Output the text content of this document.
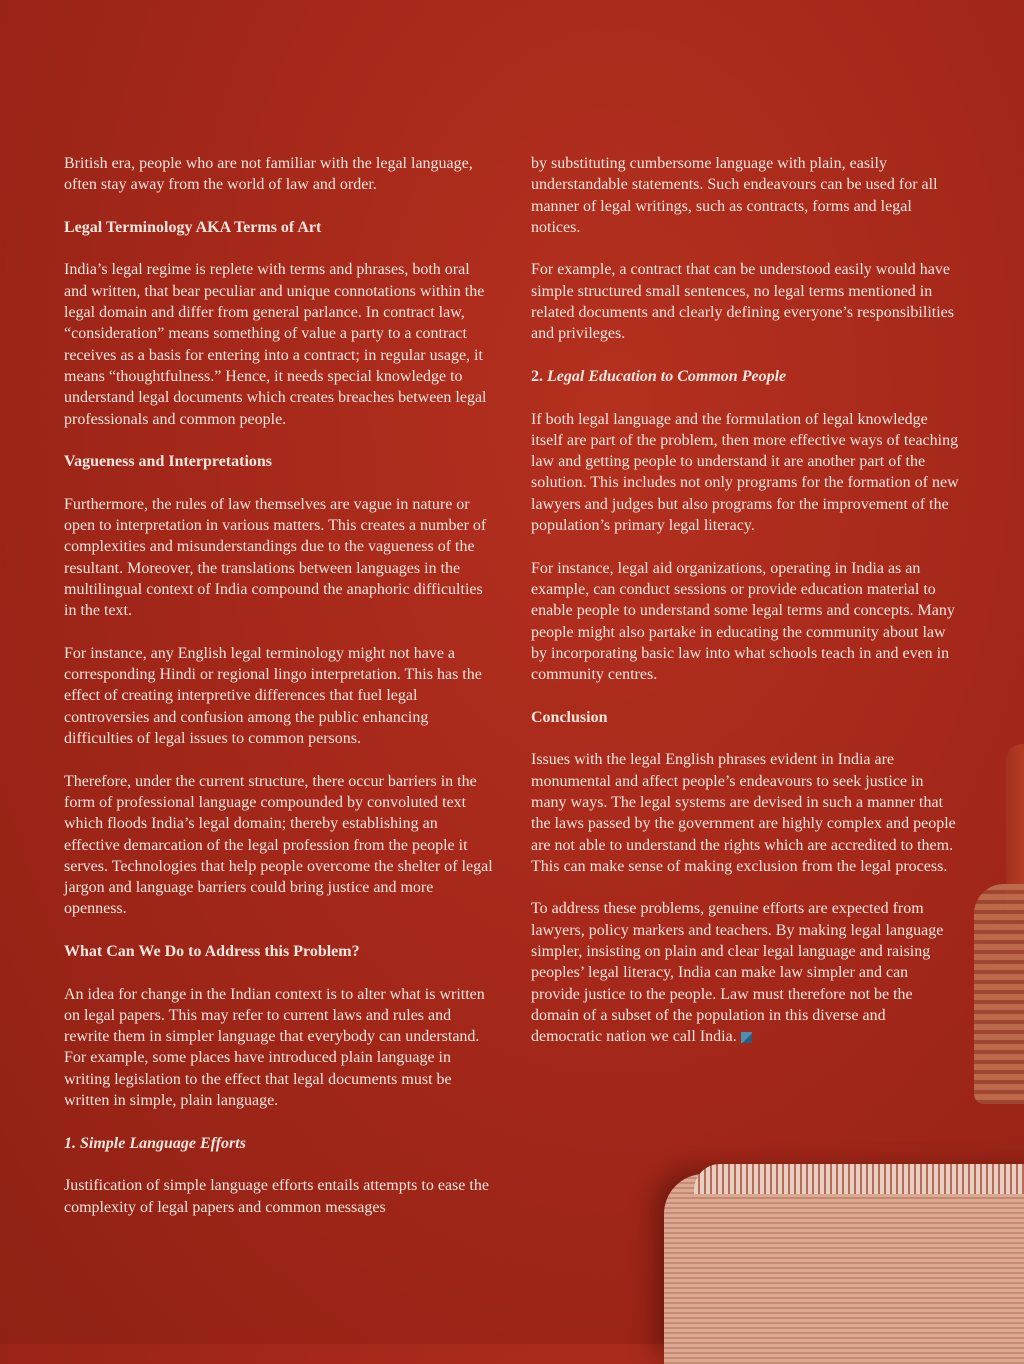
British era, people who are not familiar with the legal language, often stay away from the world of law and order.

Legal Terminology AKA Terms of Art

India’s legal regime is replete with terms and phrases, both oral and written, that bear peculiar and unique connotations within the legal domain and differ from general parlance. In contract law, “consideration” means something of value a party to a contract receives as a basis for entering into a contract; in regular usage, it means “thoughtfulness.” Hence, it needs special knowledge to understand legal documents which creates breaches between legal professionals and common people.

Vagueness and Interpretations

Furthermore, the rules of law themselves are vague in nature or open to interpretation in various matters. This creates a number of complexities and misunderstandings due to the vagueness of the resultant. Moreover, the translations between languages in the multilingual context of India compound the anaphoric difficulties in the text.

For instance, any English legal terminology might not have a corresponding Hindi or regional lingo interpretation. This has the effect of creating interpretive differences that fuel legal controversies and confusion among the public enhancing difficulties of legal issues to common persons.

Therefore, under the current structure, there occur barriers in the form of professional language compounded by convoluted text which floods India’s legal domain; thereby establishing an effective demarcation of the legal profession from the people it serves. Technologies that help people overcome the shelter of legal jargon and language barriers could bring justice and more openness.

What Can We Do to Address this Problem?

An idea for change in the Indian context is to alter what is written on legal papers. This may refer to current laws and rules and rewrite them in simpler language that everybody can understand. For example, some places have introduced plain language in writing legislation to the effect that legal documents must be written in simple, plain language.

1. Simple Language Efforts

Justification of simple language efforts entails attempts to ease the complexity of legal papers and common messages

by substituting cumbersome language with plain, easily understandable statements. Such endeavours can be used for all manner of legal writings, such as contracts, forms and legal notices.

For example, a contract that can be understood easily would have simple structured small sentences, no legal terms mentioned in related documents and clearly defining everyone’s responsibilities and privileges.

2. Legal Education to Common People

If both legal language and the formulation of legal knowledge itself are part of the problem, then more effective ways of teaching law and getting people to understand it are another part of the solution. This includes not only programs for the formation of new lawyers and judges but also programs for the improvement of the population’s primary legal literacy.

For instance, legal aid organizations, operating in India as an example, can conduct sessions or provide education material to enable people to understand some legal terms and concepts. Many people might also partake in educating the community about law by incorporating basic law into what schools teach in and even in community centres.

Conclusion

Issues with the legal English phrases evident in India are monumental and affect people’s endeavours to seek justice in many ways. The legal systems are devised in such a manner that the laws passed by the government are highly complex and people are not able to understand the rights which are accredited to them. This can make sense of making exclusion from the legal process.

To address these problems, genuine efforts are expected from lawyers, policy markers and teachers. By making legal language simpler, insisting on plain and clear legal language and raising peoples’ legal literacy, India can make law simpler and can provide justice to the people. Law must therefore not be the domain of a subset of the population in this diverse and democratic nation we call India.
